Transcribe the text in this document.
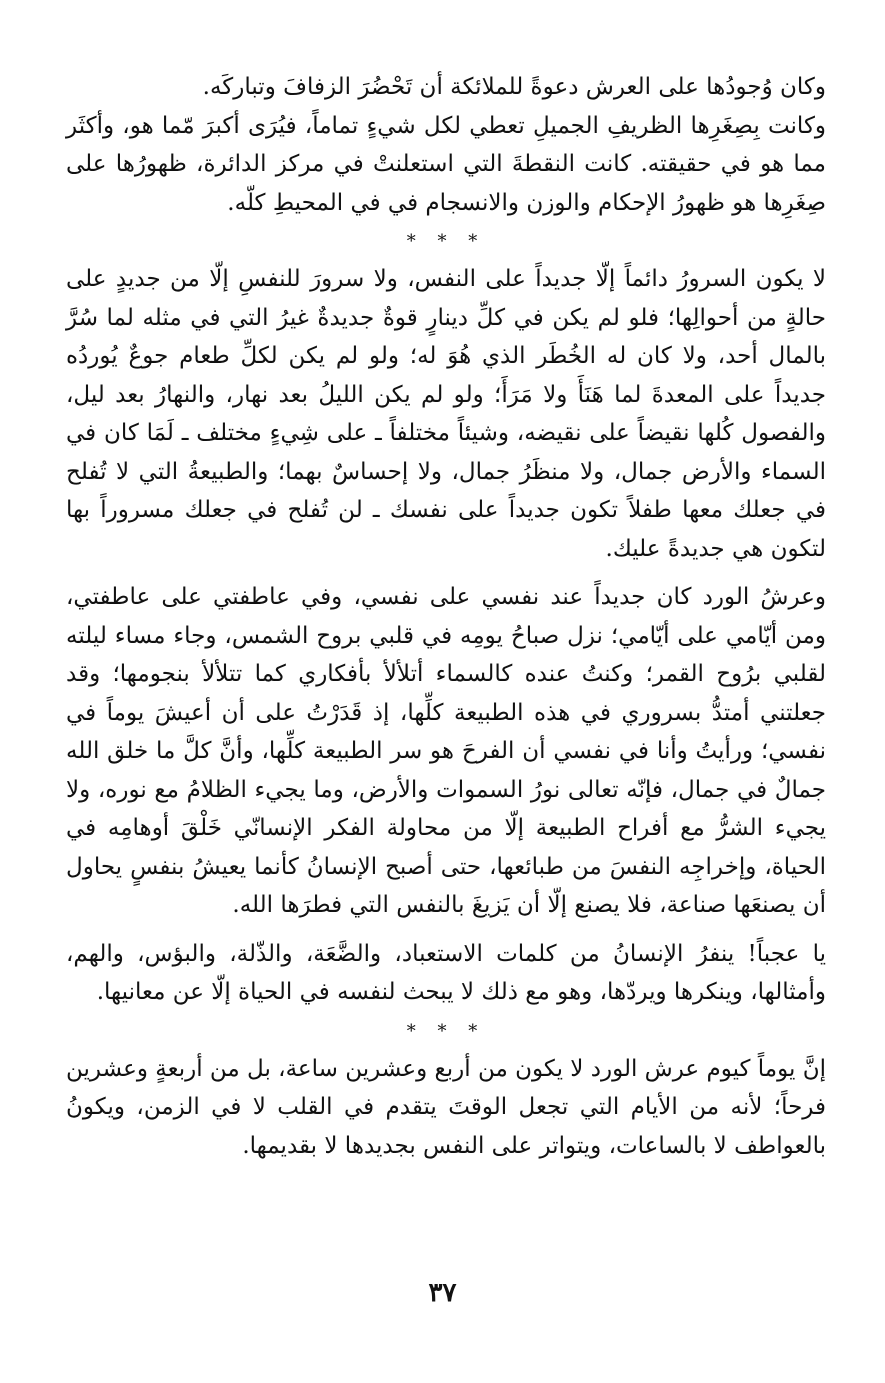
وكان وُجودُها على العرش دعوةً للملائكة أن تَحْضُرَ الزفافَ وتباركَه.

وكانت بِصِغَرِها الظريفِ الجميلِ تعطي لكل شيءٍ تماماً، فيُرَى أكبرَ مّما هو، وأكثَر مما هو في حقيقته. كانت النقطةَ التي استعلنتْ في مركز الدائرة، ظهورُها على صِغَرِها هو ظهورُ الإحكام والوزن والانسجام في في المحيطِ كلّه.

* * *

لا يكون السرورُ دائماً إلّا جديداً على النفس، ولا سرورَ للنفسِ إلّا من جديدٍ على حالةٍ من أحوالِها؛ فلو لم يكن في كلِّ دينارٍ قوةٌ جديدةٌ غيرُ التي في مثله لما سُرَّ بالمال أحد، ولا كان له الخُطَر الذي هُوَ له؛ ولو لم يكن لكلِّ طعام جوعٌ يُوردُه جديداً على المعدةَ لما هَنَأَ ولا مَرَأَ؛ ولو لم يكن الليلُ بعد نهار، والنهارُ بعد ليل، والفصول كُلها نقيضاً على نقيضه، وشيئاً مختلفاً ـ على شِيءٍ مختلف ـ لَمَا كان في السماء والأرض جمال، ولا منظَرُ جمال، ولا إحساسٌ بهما؛ والطبيعةُ التي لا تُفلح في جعلك معها طفلاً تكون جديداً على نفسك ـ لن تُفلح في جعلك مسروراً بها لتكون هي جديدةً عليك.

وعرشُ الورد كان جديداً عند نفسي على نفسي، وفي عاطفتي على عاطفتي، ومن أيّامي على أيّامي؛ نزل صباحُ يومِه في قلبي بروح الشمس، وجاء مساء ليلته لقلبي برُوح القمر؛ وكنتُ عنده كالسماء أتلألأ بأفكاري كما تتلألأ بنجومها؛ وقد جعلتني أمتدُّ بسروري في هذه الطبيعة كلِّها، إذ قَدَرْتُ على أن أعيشَ يوماً في نفسي؛ ورأيتُ وأنا في نفسي أن الفرحَ هو سر الطبيعة كلِّها، وأنَّ كلَّ ما خلق الله جمالٌ في جمال، فإنّه تعالى نورُ السموات والأرض، وما يجيء الظلامُ مع نوره، ولا يجيء الشرُّ مع أفراح الطبيعة إلّا من محاولة الفكر الإنسانّي خَلْقَ أوهامِه في الحياة، وإخراجِه النفسَ من طبائعها، حتى أصبح الإنسانُ كأنما يعيشُ بنفسٍ يحاول أن يصنعَها صناعة، فلا يصنع إلّا أن يَزيغَ بالنفس التي فطرَها الله.

يا عجباً! ينفرُ الإنسانُ من كلمات الاستعباد، والضَّعَة، والذّلة، والبؤس، والهم، وأمثالها، وينكرها ويردّها، وهو مع ذلك لا يبحث لنفسه في الحياة إلّا عن معانيها.

* * *

إنَّ يوماً كيوم عرش الورد لا يكون من أربع وعشرين ساعة، بل من أربعةٍ وعشرين فرحاً؛ لأنه من الأيام التي تجعل الوقتَ يتقدم في القلب لا في الزمن، ويكونُ بالعواطف لا بالساعات، ويتواتر على النفس بجديدها لا بقديمها.

٣٧
